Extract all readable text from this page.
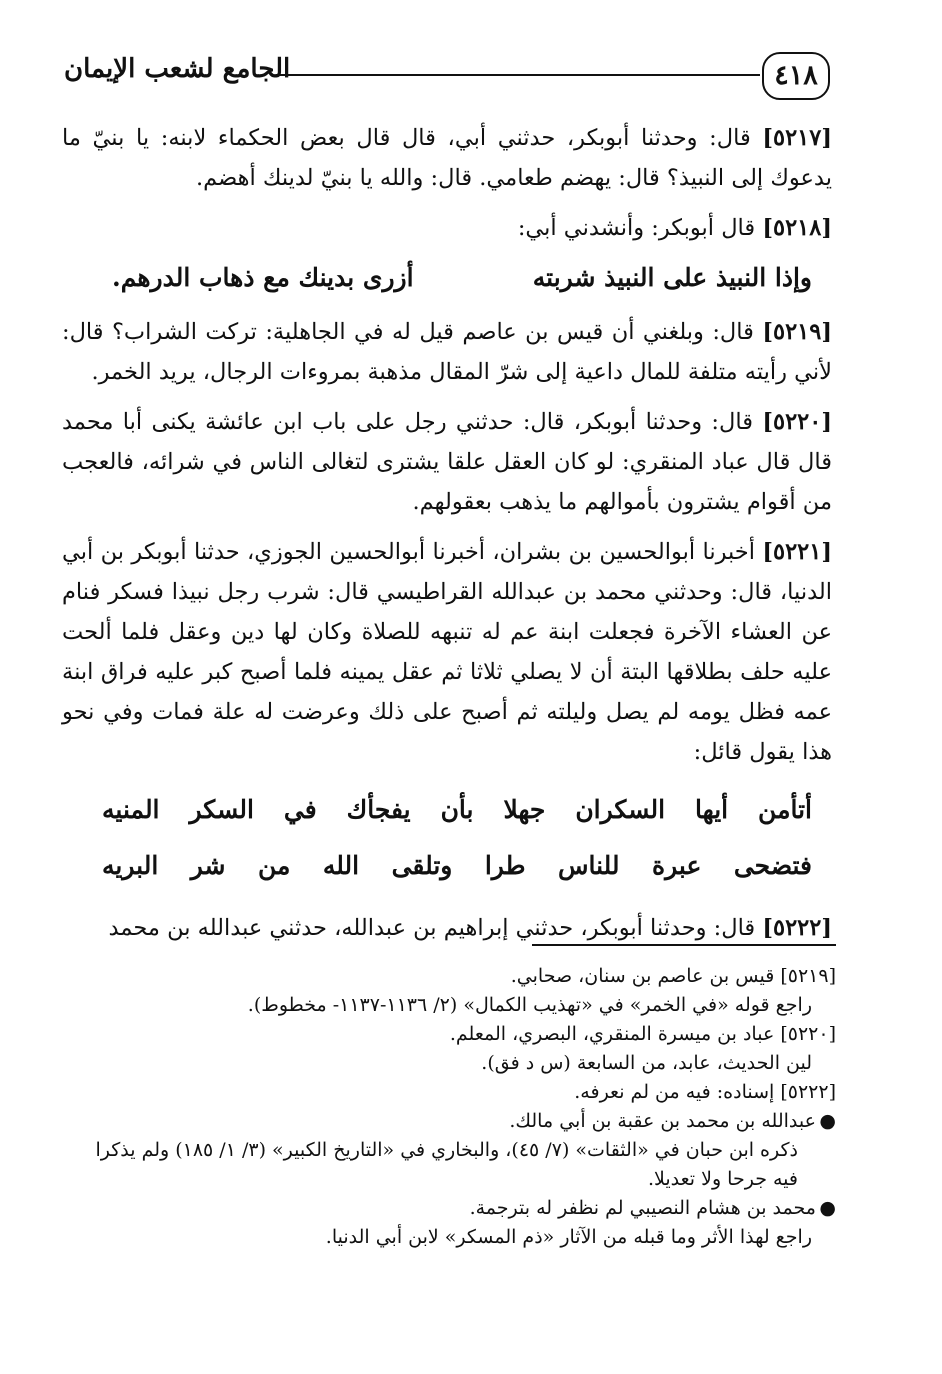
٤١٨
الجامع لشعب الإيمان

[٥٢١٧] قال: وحدثنا أبوبكر، حدثني أبي، قال قال بعض الحكماء لابنه: يا بنيّ ما يدعوك إلى النبيذ؟ قال: يهضم طعامي. قال: والله يا بنيّ لدينك أهضم.

[٥٢١٨] قال أبوبكر: وأنشدني أبي:

وإذا النبيذ على النبيذ شربته
أزرى بدينك مع ذهاب الدرهم.

[٥٢١٩] قال: وبلغني أن قيس بن عاصم قيل له في الجاهلية: تركت الشراب؟ قال: لأني رأيته متلفة للمال داعية إلى شرّ المقال مذهبة بمروءات الرجال، يريد الخمر.

[٥٢٢٠] قال: وحدثنا أبوبكر، قال: حدثني رجل على باب ابن عائشة يكنى أبا محمد قال قال عباد المنقري: لو كان العقل علقا يشترى لتغالى الناس في شرائه، فالعجب من أقوام يشترون بأموالهم ما يذهب بعقولهم.

[٥٢٢١] أخبرنا أبوالحسين بن بشران، أخبرنا أبوالحسين الجوزي، حدثنا أبوبكر بن أبي الدنيا، قال: وحدثني محمد بن عبدالله القراطيسي قال: شرب رجل نبيذا فسكر فنام عن العشاء الآخرة فجعلت ابنة عم له تنبهه للصلاة وكان لها دين وعقل فلما ألحت عليه حلف بطلاقها البتة أن لا يصلي ثلاثا ثم عقل يمينه فلما أصبح كبر عليه فراق ابنة عمه فظل يومه لم يصل وليلته ثم أصبح على ذلك وعرضت له علة فمات وفي نحو هذا يقول قائل:

أتأمن
أيها
السكران
جهلا
بأن
يفجأك
في
السكر
المنيه
فتضحى
عبرة
للناس
طرا
وتلقى
الله
من
شر
البريه

[٥٢٢٢] قال: وحدثنا أبوبكر، حدثني إبراهيم بن عبدالله، حدثني عبدالله بن محمد

[٥٢١٩] قيس بن عاصم بن سنان، صحابي.

راجع قوله «في الخمر» في «تهذيب الكمال» (٢/ ١١٣٦-١١٣٧- مخطوط).

[٥٢٢٠] عباد بن ميسرة المنقري، البصري، المعلم.

لين الحديث، عابد، من السابعة (س د فق).

[٥٢٢٢] إسناده: فيه من لم نعرفه.

● عبدالله بن محمد بن عقبة بن أبي مالك.

ذكره ابن حبان في «الثقات» (٧/ ٤٥)، والبخاري في «التاريخ الكبير» (٣/ ١/ ١٨٥) ولم يذكرا فيه جرحا ولا تعديلا.

● محمد بن هشام النصيبي لم نظفر له بترجمة.

راجع لهذا الأثر وما قبله من الآثار «ذم المسكر» لابن أبي الدنيا.
